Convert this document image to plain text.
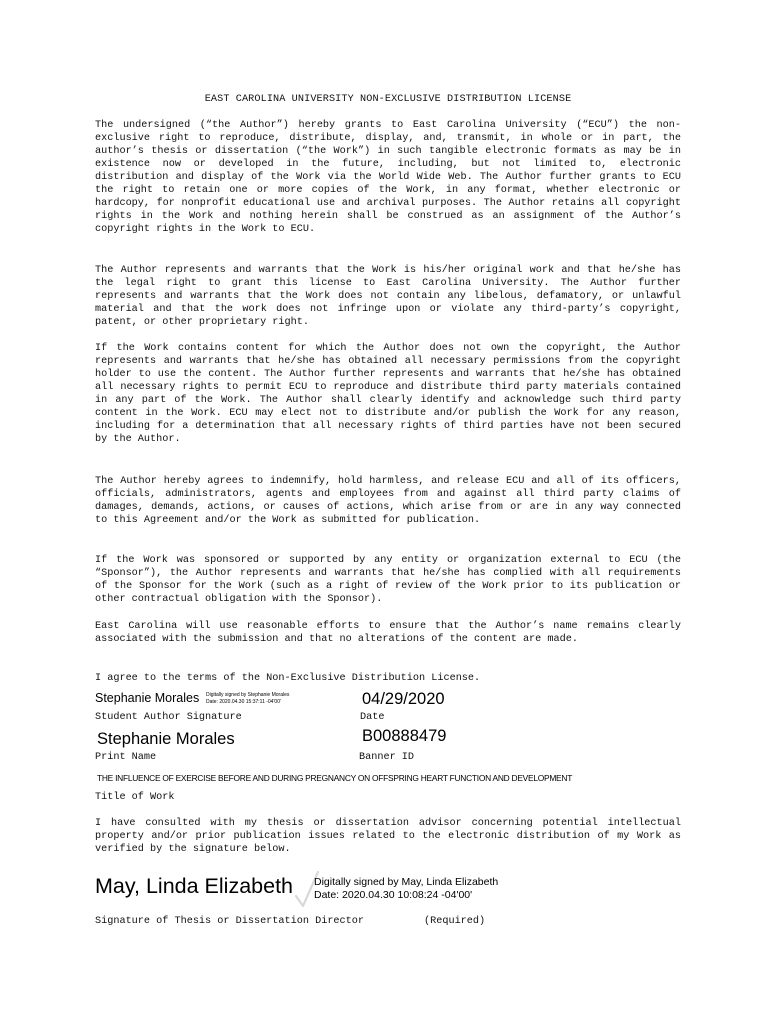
EAST CAROLINA UNIVERSITY NON-EXCLUSIVE DISTRIBUTION LICENSE

The undersigned (“the Author”) hereby grants to East Carolina University (“ECU”) the non-exclusive right to reproduce, distribute, display, and, transmit, in whole or in part, the author’s thesis or dissertation (“the Work”) in such tangible electronic formats as may be in existence now or developed in the future, including, but not limited to, electronic distribution and display of the Work via the World Wide Web. The Author further grants to ECU the right to retain one or more copies of the Work, in any format, whether electronic or hardcopy, for nonprofit educational use and archival purposes. The Author retains all copyright rights in the Work and nothing herein shall be construed as an assignment of the Author’s copyright rights in the Work to ECU.

The Author represents and warrants that the Work is his/her original work and that he/she has the legal right to grant this license to East Carolina University. The Author further represents and warrants that the Work does not contain any libelous, defamatory, or unlawful material and that the work does not infringe upon or violate any third-party’s copyright, patent, or other proprietary right.

If the Work contains content for which the Author does not own the copyright, the Author represents and warrants that he/she has obtained all necessary permissions from the copyright holder to use the content. The Author further represents and warrants that he/she has obtained all necessary rights to permit ECU to reproduce and distribute third party materials contained in any part of the Work. The Author shall clearly identify and acknowledge such third party content in the Work. ECU may elect not to distribute and/or publish the Work for any reason, including for a determination that all necessary rights of third parties have not been secured by the Author.

The Author hereby agrees to indemnify, hold harmless, and release ECU and all of its officers, officials, administrators, agents and employees from and against all third party claims of damages, demands, actions, or causes of actions, which arise from or are in any way connected to this Agreement and/or the Work as submitted for publication.

If the Work was sponsored or supported by any entity or organization external to ECU (the “Sponsor”), the Author represents and warrants that he/she has complied with all requirements of the Sponsor for the Work (such as a right of review of the Work prior to its publication or other contractual obligation with the Sponsor).

East Carolina will use reasonable efforts to ensure that the Author’s name remains clearly associated with the submission and that no alterations of the content are made.

I agree to the terms of the Non-Exclusive Distribution License.
Stephanie Morales Digitally signed by Stephanie Morales
Date: 2020.04.30 15:37:11 -04'00'	04/29/2020
Student Author Signature	Date
Stephanie Morales	B00888479
Print Name	Banner ID
THE INFLUENCE OF EXERCISE BEFORE AND DURING PREGNANCY ON OFFSPRING HEART FUNCTION AND DEVELOPMENT
Title of Work

I have consulted with my thesis or dissertation advisor concerning potential intellectual property and/or prior publication issues related to the electronic distribution of my Work as verified by the signature below.

May, Linda Elizabeth Digitally signed by May, Linda Elizabeth
Date: 2020.04.30 10:08:24 -04'00'
Signature of Thesis or Dissertation Director	(Required)
